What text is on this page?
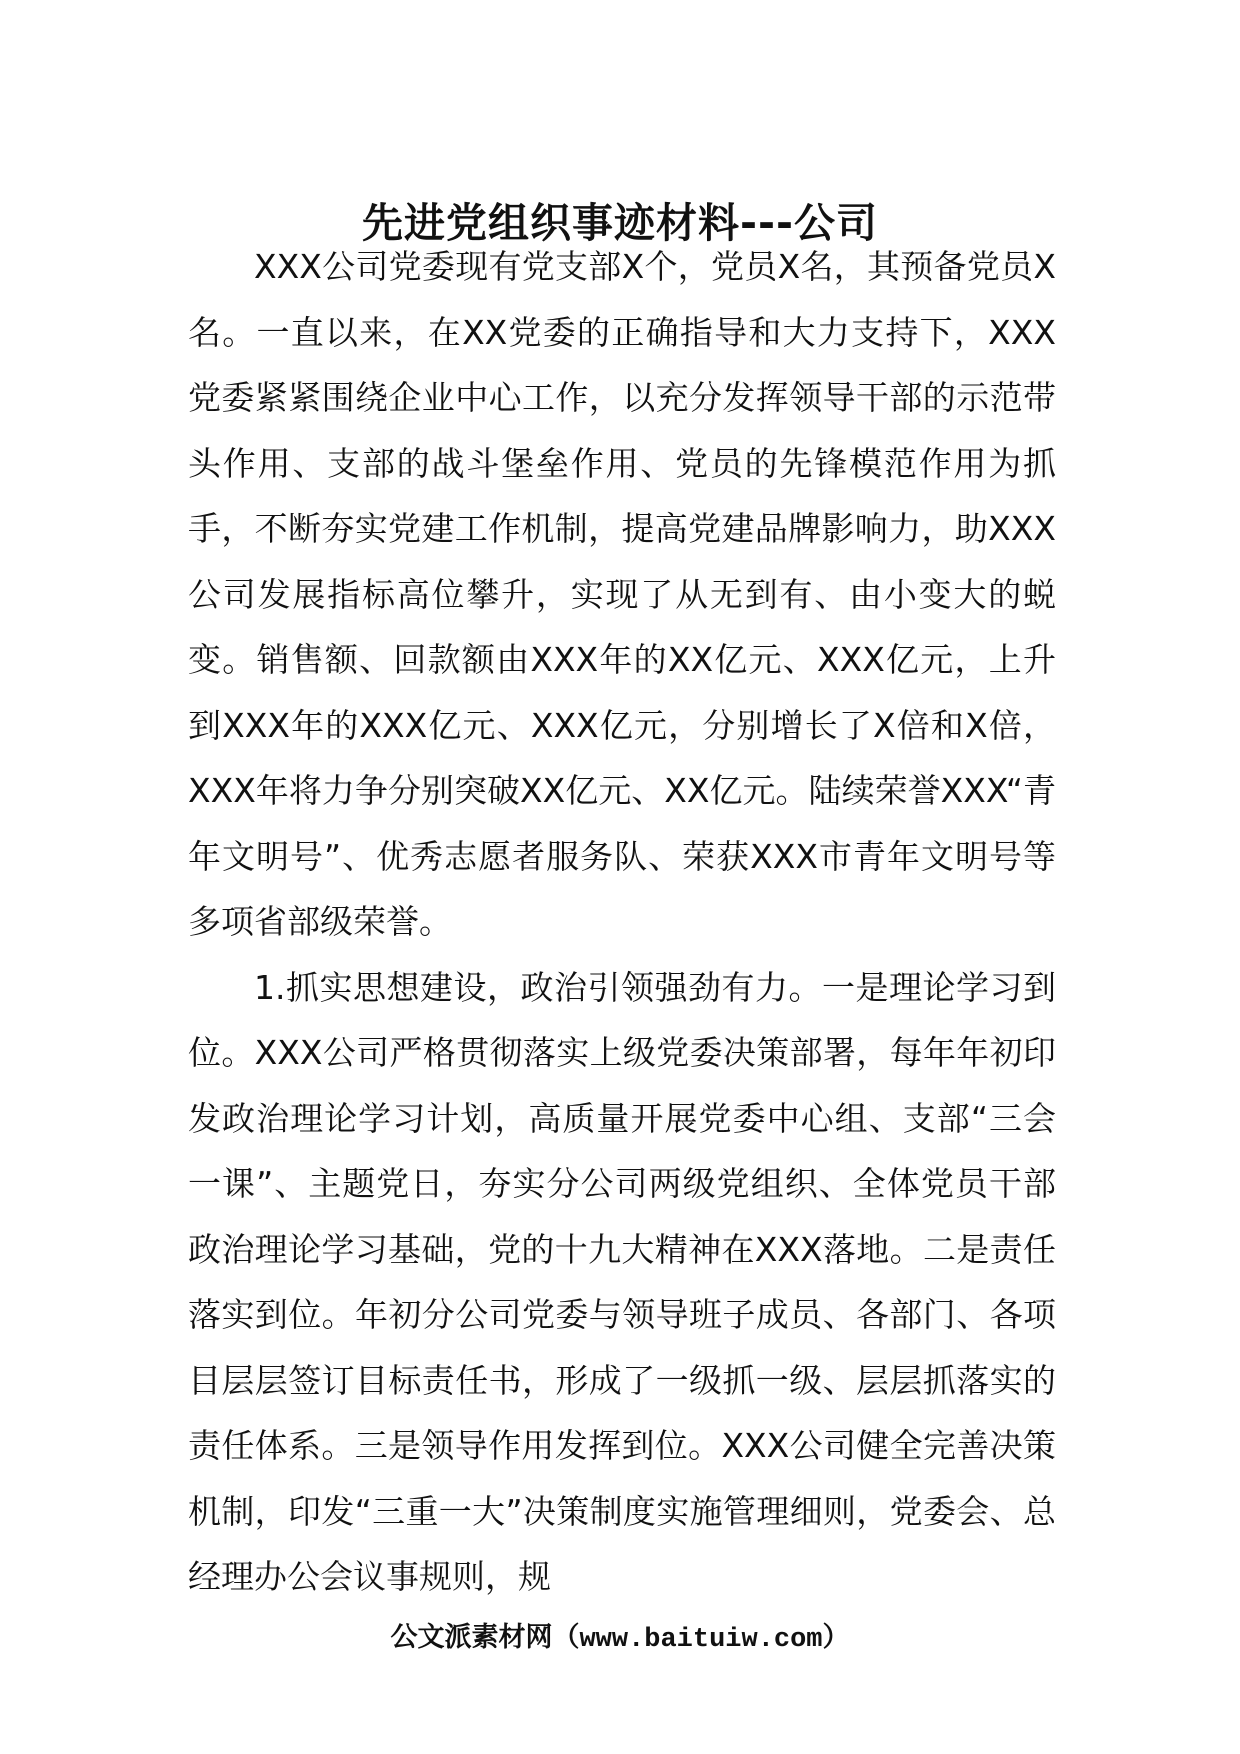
先进党组织事迹材料---公司

XXX公司党委现有党支部X个，党员X名，其预备党员X名。一直以来，在XX党委的正确指导和大力支持下，XXX党委紧紧围绕企业中心工作，以充分发挥领导干部的示范带头作用、支部的战斗堡垒作用、党员的先锋模范作用为抓手，不断夯实党建工作机制，提高党建品牌影响力，助XXX公司发展指标高位攀升，实现了从无到有、由小变大的蜕变。销售额、回款额由XXX年的XX亿元、XXX亿元，上升到XXX年的XXX亿元、XXX亿元，分别增长了X倍和X倍，XXX年将力争分别突破XX亿元、XX亿元。陆续荣誉XXX“青年文明号”、优秀志愿者服务队、荣获XXX市青年文明号等多项省部级荣誉。

1.抓实思想建设，政治引领强劲有力。一是理论学习到位。XXX公司严格贯彻落实上级党委决策部署，每年年初印发政治理论学习计划，高质量开展党委中心组、支部“三会一课”、主题党日，夯实分公司两级党组织、全体党员干部政治理论学习基础，党的十九大精神在XXX落地。二是责任落实到位。年初分公司党委与领导班子成员、各部门、各项目层层签订目标责任书，形成了一级抓一级、层层抓落实的责任体系。三是领导作用发挥到位。XXX公司健全完善决策机制，印发“三重一大”决策制度实施管理细则，党委会、总经理办公会议事规则，规

公文派素材网（www.baituiw.com）
